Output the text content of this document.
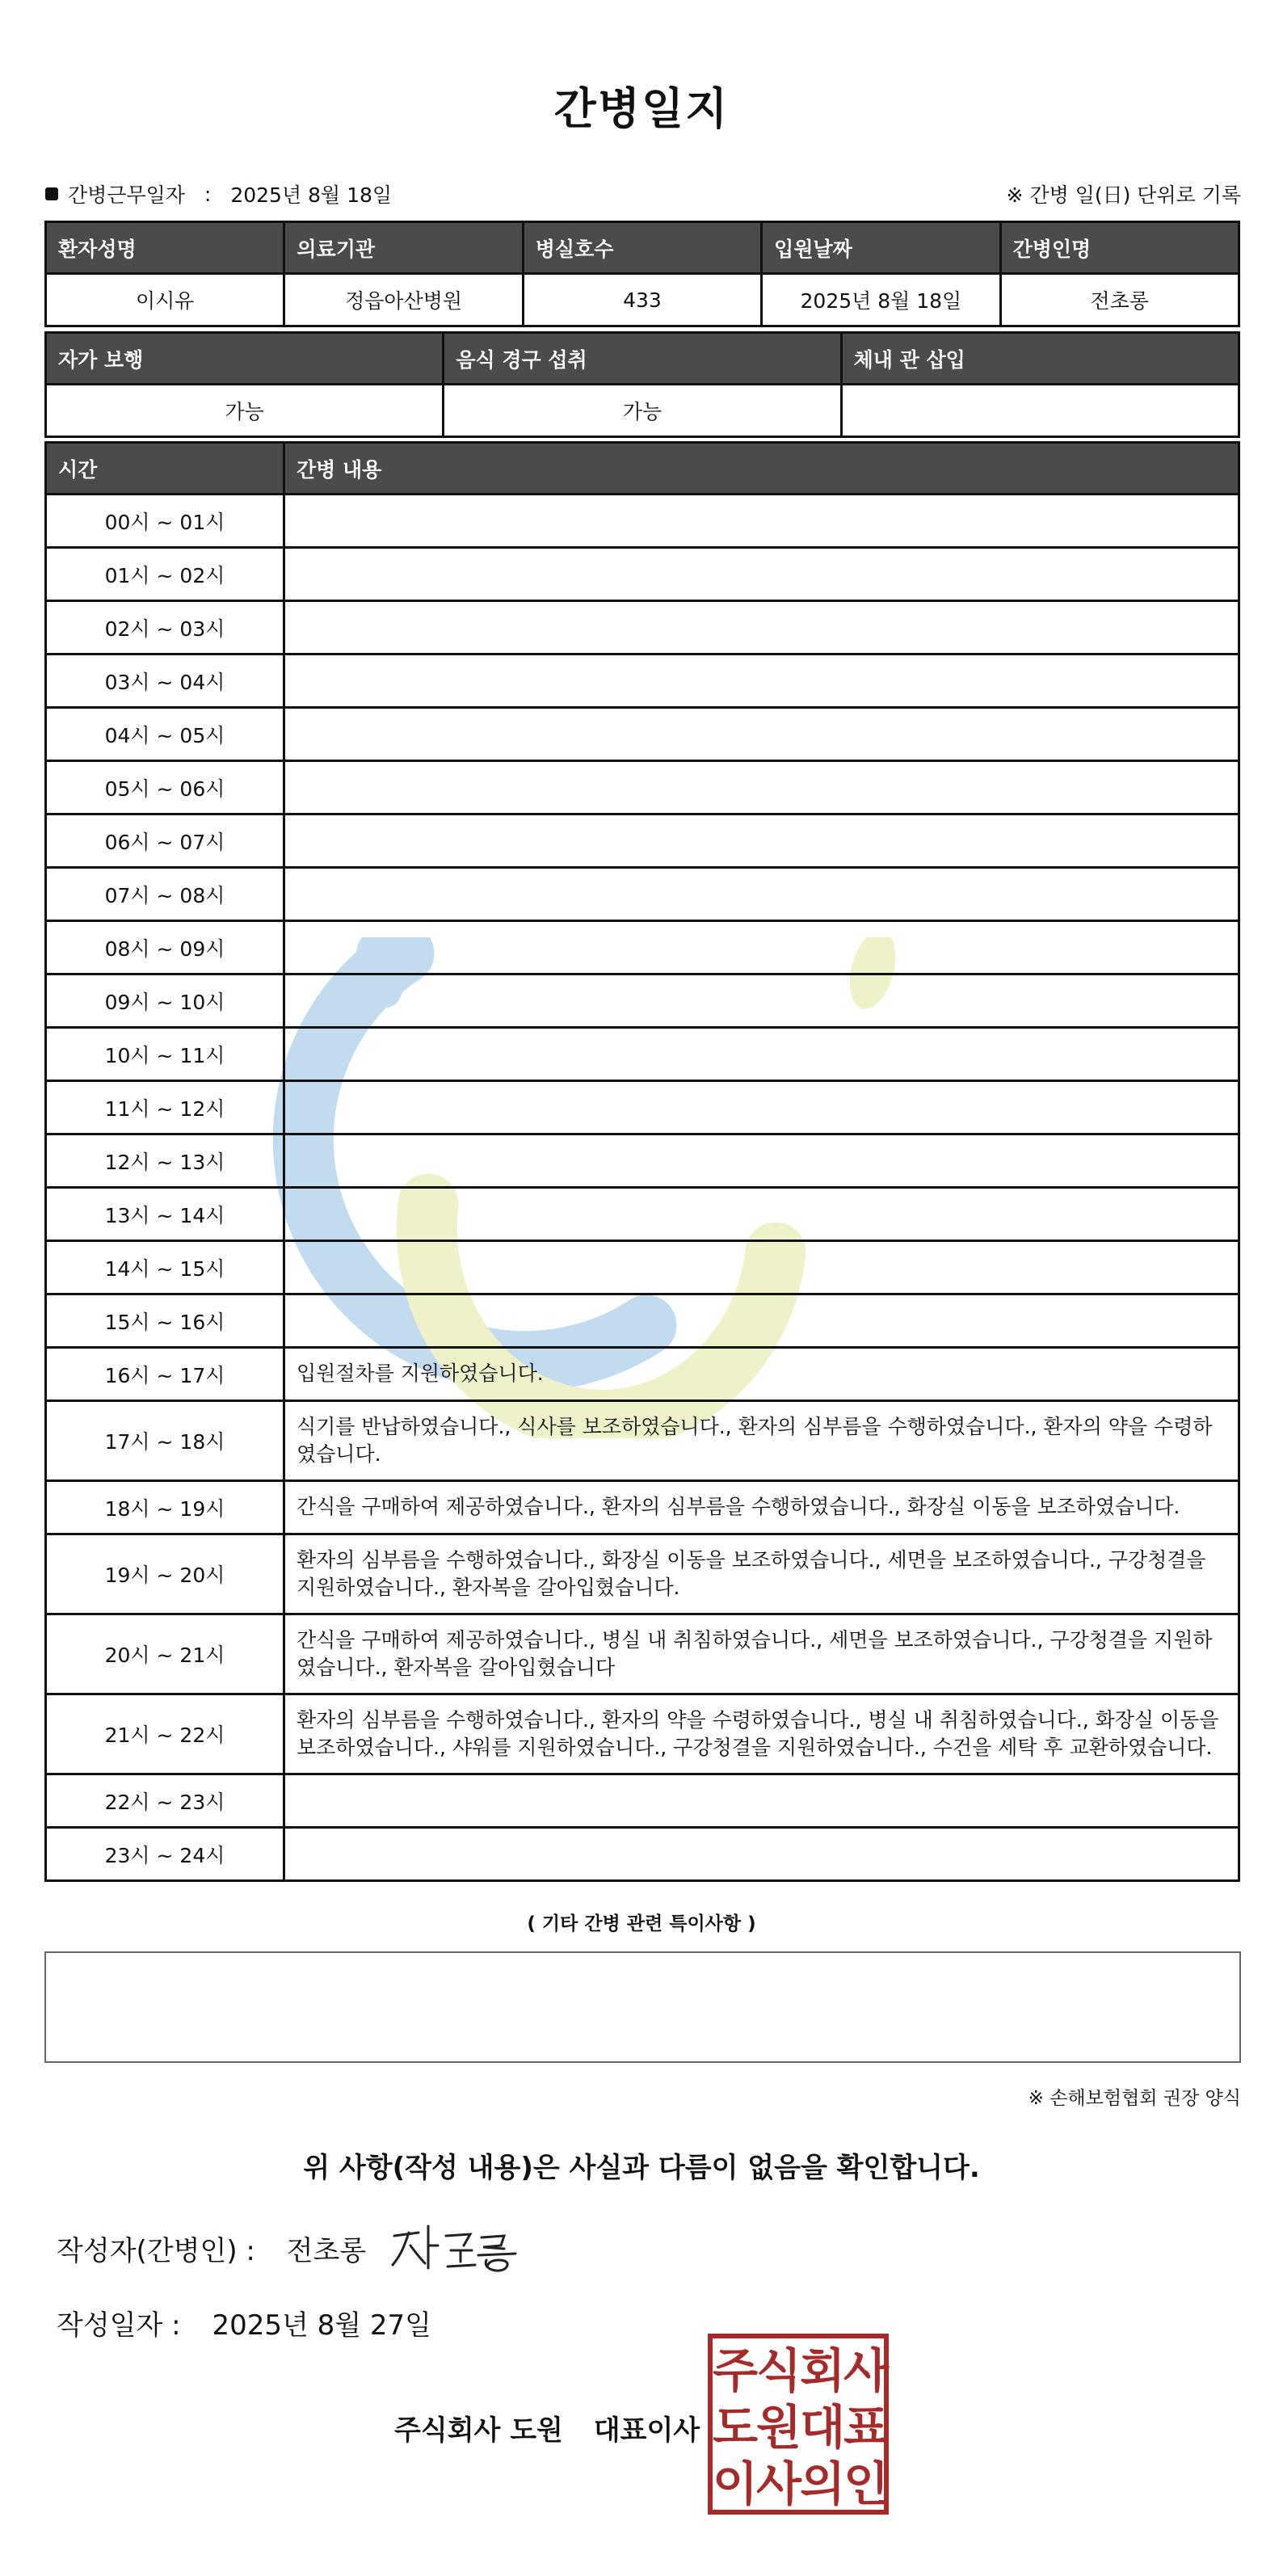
간병일지
간병근무일자 : 2025년 8월 18일	※ 간병 일(日) 단위로 기록
환자성명	의료기관	병실호수	입원날짜	간병인명
이시유	정읍아산병원	433	2025년 8월 18일	전초롱
자가 보행	음식 경구 섭취	체내 관 삽입
가능	가능	
시간	간병 내용
00시 ~ 01시	
01시 ~ 02시	
02시 ~ 03시	
03시 ~ 04시	
04시 ~ 05시	
05시 ~ 06시	
06시 ~ 07시	
07시 ~ 08시	
08시 ~ 09시	
09시 ~ 10시	
10시 ~ 11시	
11시 ~ 12시	
12시 ~ 13시	
13시 ~ 14시	
14시 ~ 15시	
15시 ~ 16시	
16시 ~ 17시	입원절차를 지원하였습니다.
17시 ~ 18시	식기를 반납하였습니다., 식사를 보조하였습니다., 환자의 심부름을 수행하였습니다., 환자의 약을 수령하였습니다.
18시 ~ 19시	간식을 구매하여 제공하였습니다., 환자의 심부름을 수행하였습니다., 화장실 이동을 보조하였습니다.
19시 ~ 20시	환자의 심부름을 수행하였습니다., 화장실 이동을 보조하였습니다., 세면을 보조하였습니다., 구강청결을 지원하였습니다., 환자복을 갈아입혔습니다.
20시 ~ 21시	간식을 구매하여 제공하였습니다., 병실 내 취침하였습니다., 세면을 보조하였습니다., 구강청결을 지원하였습니다., 환자복을 갈아입혔습니다
21시 ~ 22시	환자의 심부름을 수행하였습니다., 환자의 약을 수령하였습니다., 병실 내 취침하였습니다., 화장실 이동을 보조하였습니다., 샤워를 지원하였습니다., 구강청결을 지원하였습니다., 수건을 세탁 후 교환하였습니다.
22시 ~ 23시	
23시 ~ 24시	
( 기타 간병 관련 특이사항 )
※ 손해보험협회 권장 양식
위 사항(작성 내용)은 사실과 다름이 없음을 확인합니다.
작성자(간병인) : 전초롱
작성일자 : 2025년 8월 27일
주식회사 도원 대표이사
주 식 회 사
도 원 대 표
이 사 의 인
